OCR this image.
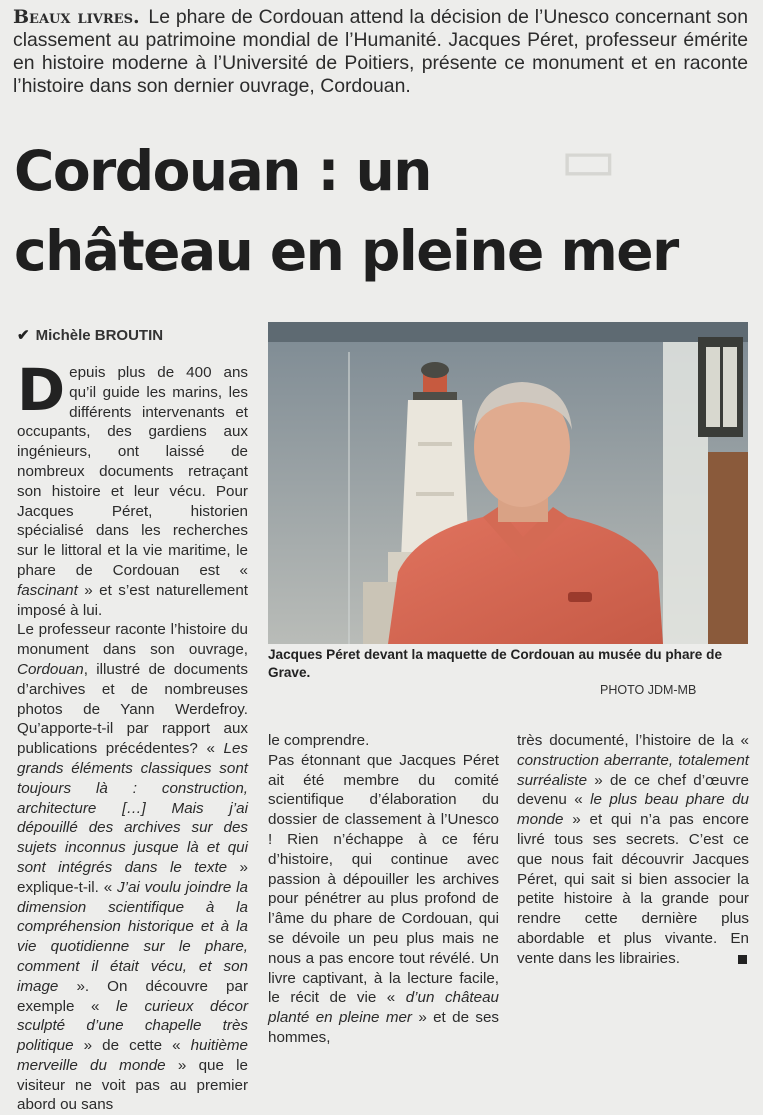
▭
Beaux livres. Le phare de Cordouan attend la décision de l’Unesco concernant son classement au patrimoine mondial de l’Humanité. Jacques Péret, professeur émérite en histoire moderne à l’Université de Poitiers, présente ce monument et en raconte l’histoire dans son dernier ouvrage, Cordouan.
Cordouan : un
château en pleine mer
✔ Michèle BROUTIN
Jacques Péret devant la maquette de Cordouan au musée du phare de Grave.
PHOTO JDM-MB

Depuis plus de 400 ans qu’il guide les marins, les différents intervenants et occupants, des gardiens aux ingénieurs, ont laissé de nombreux documents retraçant son histoire et leur vécu. Pour Jacques Péret, historien spécialisé dans les recherches sur le littoral et la vie maritime, le phare de Cordouan est « fascinant » et s’est naturellement imposé à lui.

Le professeur raconte l’histoire du monument dans son ouvrage, Cordouan, illustré de documents d’archives et de nombreuses photos de Yann Werdefroy. Qu’apporte-t-il par rapport aux publications précédentes? « Les grands éléments classiques sont toujours là : construction, architecture […] Mais j’ai dépouillé des archives sur des sujets inconnus jusque là et qui sont intégrés dans le texte » explique-t-il. « J’ai voulu joindre la dimension scientifique à la compréhension historique et à la vie quotidienne sur le phare, comment il était vécu, et son image ». On découvre par exemple « le curieux décor sculpté d’une chapelle très politique » de cette « huitième merveille du monde » que le visiteur ne voit pas au premier abord ou sans

le comprendre.

Pas étonnant que Jacques Péret ait été membre du comité scientifique d’élaboration du dossier de classement à l’Unesco ! Rien n’échappe à ce féru d’histoire, qui continue avec passion à dépouiller les archives pour pénétrer au plus profond de l’âme du phare de Cordouan, qui se dévoile un peu plus mais ne nous a pas encore tout révélé. Un livre captivant, à la lecture facile, le récit de vie « d’un château planté en pleine mer » et de ses hommes,

très documenté, l’histoire de la « construction aberrante, totalement surréaliste » de ce chef d’œuvre devenu « le plus beau phare du monde » et qui n’a pas encore livré tous ses secrets. C’est ce que nous fait découvrir Jacques Péret, qui sait si bien associer la petite histoire à la grande pour rendre cette dernière plus abordable et plus vivante. En vente dans les librairies.
